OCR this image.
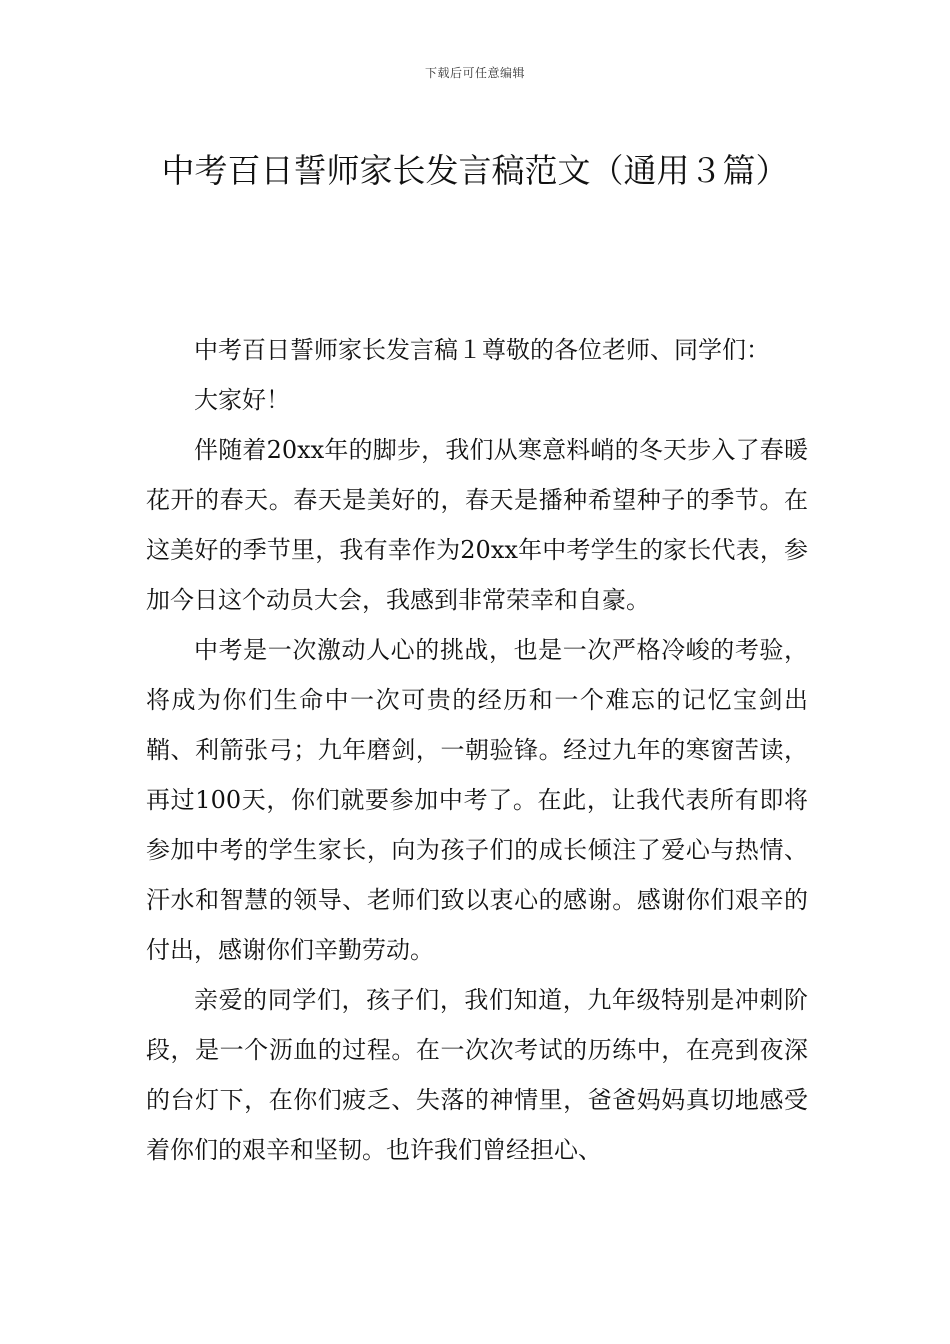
下载后可任意编辑
中考百日誓师家长发言稿范文（通用３篇）

中考百日誓师家长发言稿１尊敬的各位老师、同学们：

大家好！

伴随着20xx年的脚步，我们从寒意料峭的冬天步入了春暖花开的春天。春天是美好的，春天是播种希望种子的季节。在这美好的季节里，我有幸作为20xx年中考学生的家长代表，参加今日这个动员大会，我感到非常荣幸和自豪。

中考是一次激动人心的挑战，也是一次严格冷峻的考验，将成为你们生命中一次可贵的经历和一个难忘的记忆宝剑出鞘、利箭张弓；九年磨剑，一朝验锋。经过九年的寒窗苦读，再过100天，你们就要参加中考了。在此，让我代表所有即将参加中考的学生家长，向为孩子们的成长倾注了爱心与热情、汗水和智慧的领导、老师们致以衷心的感谢。感谢你们艰辛的付出，感谢你们辛勤劳动。

亲爱的同学们，孩子们，我们知道，九年级特别是冲刺阶段，是一个沥血的过程。在一次次考试的历练中，在亮到夜深的台灯下，在你们疲乏、失落的神情里，爸爸妈妈真切地感受着你们的艰辛和坚韧。也许我们曾经担心、
